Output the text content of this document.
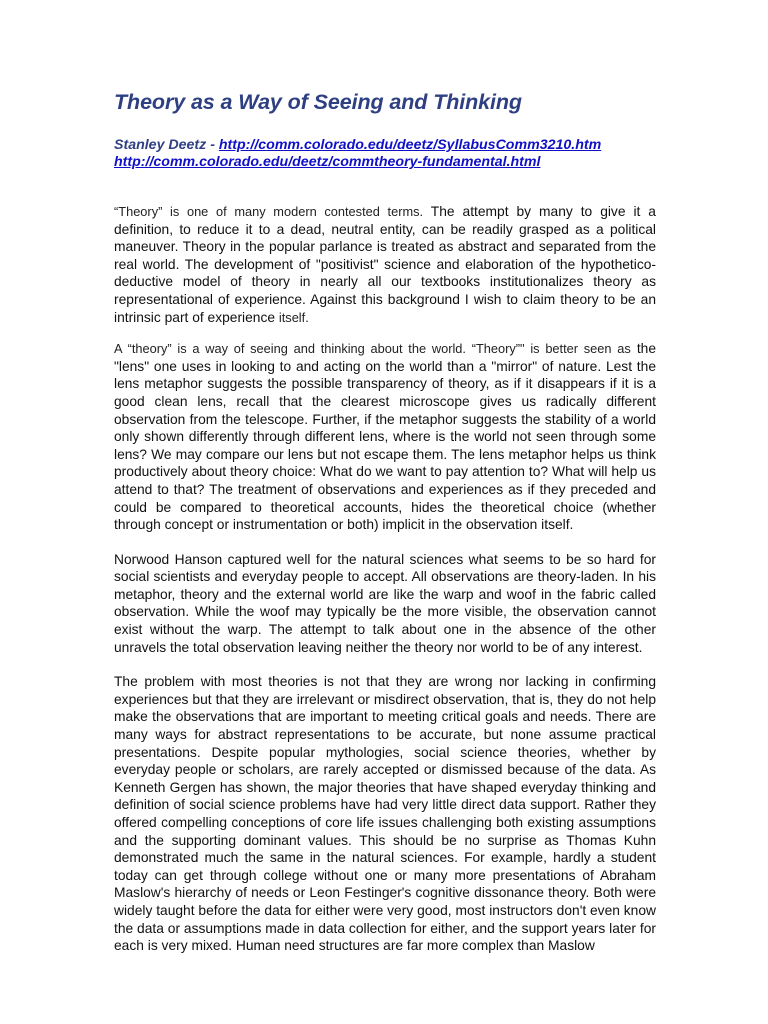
Theory as a Way of Seeing and Thinking
Stanley Deetz - http://comm.colorado.edu/deetz/SyllabusComm3210.htm
http://comm.colorado.edu/deetz/commtheory-fundamental.html

“Theory” is one of many modern contested terms. The attempt by many to give it a definition, to reduce it to a dead, neutral entity, can be readily grasped as a political maneuver. Theory in the popular parlance is treated as abstract and separated from the real world. The development of "positivist" science and elaboration of the hypothetico-deductive model of theory in nearly all our textbooks institutionalizes theory as representational of experience. Against this background I wish to claim theory to be an intrinsic part of experience itself.

A “theory” is a way of seeing and thinking about the world. “Theory”" is better seen as the "lens" one uses in looking to and acting on the world than a "mirror" of nature. Lest the lens metaphor suggests the possible transparency of theory, as if it disappears if it is a good clean lens, recall that the clearest microscope gives us radically different observation from the telescope. Further, if the metaphor suggests the stability of a world only shown differently through different lens, where is the world not seen through some lens? We may compare our lens but not escape them. The lens metaphor helps us think productively about theory choice: What do we want to pay attention to? What will help us attend to that? The treatment of observations and experiences as if they preceded and could be compared to theoretical accounts, hides the theoretical choice (whether through concept or instrumentation or both) implicit in the observation itself.

Norwood Hanson captured well for the natural sciences what seems to be so hard for social scientists and everyday people to accept. All observations are theory-laden. In his metaphor, theory and the external world are like the warp and woof in the fabric called observation. While the woof may typically be the more visible, the observation cannot exist without the warp. The attempt to talk about one in the absence of the other unravels the total observation leaving neither the theory nor world to be of any interest.

The problem with most theories is not that they are wrong nor lacking in confirming experiences but that they are irrelevant or misdirect observation, that is, they do not help make the observations that are important to meeting critical goals and needs. There are many ways for abstract representations to be accurate, but none assume practical presentations. Despite popular mythologies, social science theories, whether by everyday people or scholars, are rarely accepted or dismissed because of the data. As Kenneth Gergen has shown, the major theories that have shaped everyday thinking and definition of social science problems have had very little direct data support. Rather they offered compelling conceptions of core life issues challenging both existing assumptions and the supporting dominant values. This should be no surprise as Thomas Kuhn demonstrated much the same in the natural sciences. For example, hardly a student today can get through college without one or many more presentations of Abraham Maslow's hierarchy of needs or Leon Festinger's cognitive dissonance theory. Both were widely taught before the data for either were very good, most instructors don't even know the data or assumptions made in data collection for either, and the support years later for each is very mixed. Human need structures are far more complex than Maslow
